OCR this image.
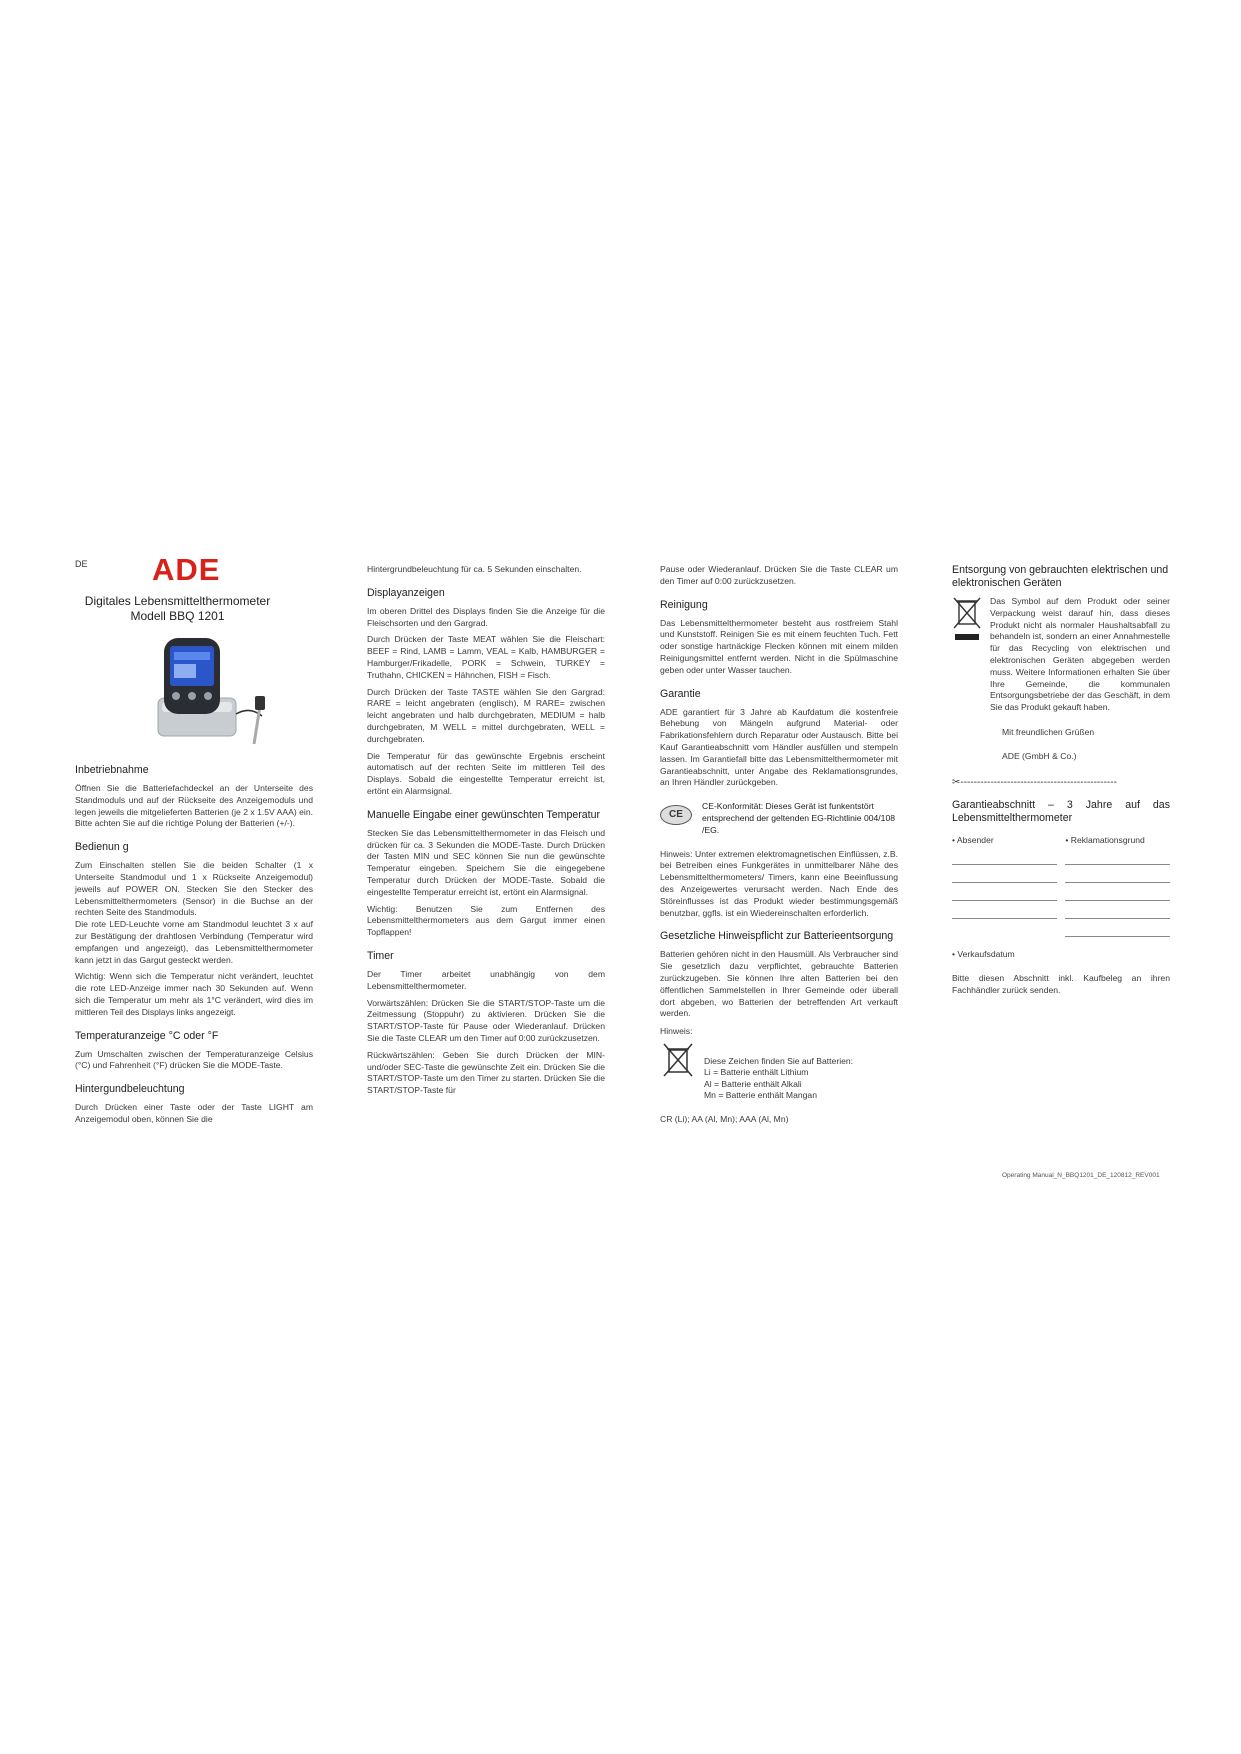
DE ADE
Digitales Lebensmittelthermometer
Modell BBQ 1201
Inbetriebnahme

Öffnen Sie die Batteriefachdeckel an der Unterseite des Standmoduls und auf der Rückseite des Anzeigemoduls und legen jeweils die mitgelieferten Batterien (je 2 x 1.5V AAA) ein. Bitte achten Sie auf die richtige Polung der Batterien (+/-).

Bedienun g

Zum Einschalten stellen Sie die beiden Schalter (1 x Unterseite Standmodul und 1 x Rückseite Anzeigemodul) jeweils auf POWER ON. Stecken Sie den Stecker des Lebensmittelthermometers (Sensor) in die Buchse an der rechten Seite des Standmoduls.

Die rote LED-Leuchte vorne am Standmodul leuchtet 3 x auf zur Bestätigung der drahtlosen Verbindung (Temperatur wird empfangen und angezeigt), das Lebensmittelthermometer kann jetzt in das Gargut gesteckt werden.

Wichtig: Wenn sich die Temperatur nicht verändert, leuchtet die rote LED-Anzeige immer nach 30 Sekunden auf. Wenn sich die Temperatur um mehr als 1°C verändert, wird dies im mittleren Teil des Displays links angezeigt.

Temperaturanzeige °C oder °F

Zum Umschalten zwischen der Temperaturanzeige Celsius (°C) und Fahrenheit (°F) drücken Sie die MODE-Taste.

Hintergundbeleuchtung

Durch Drücken einer Taste oder der Taste LIGHT am Anzeigemodul oben, können Sie die

Hintergrundbeleuchtung für ca. 5 Sekunden einschalten.

Displayanzeigen

Im oberen Drittel des Displays finden Sie die Anzeige für die Fleischsorten und den Gargrad.

Durch Drücken der Taste MEAT wählen Sie die Fleischart: BEEF = Rind, LAMB = Lamm, VEAL = Kalb, HAMBURGER = Hamburger/Frikadelle, PORK = Schwein, TURKEY = Truthahn, CHICKEN = Hähnchen, FISH = Fisch.

Durch Drücken der Taste TASTE wählen Sie den Gargrad: RARE = leicht angebraten (englisch), M RARE= zwischen leicht angebraten und halb durchgebraten, MEDIUM = halb durchgebraten, M WELL = mittel durchgebraten, WELL = durchgebraten.

Die Temperatur für das gewünschte Ergebnis erscheint automatisch auf der rechten Seite im mittleren Teil des Displays. Sobald die eingestellte Temperatur erreicht ist, ertönt ein Alarmsignal.

Manuelle Eingabe einer gewünschten Temperatur

Stecken Sie das Lebensmittelthermometer in das Fleisch und drücken für ca. 3 Sekunden die MODE-Taste. Durch Drücken der Tasten MIN und SEC können Sie nun die gewünschte Temperatur eingeben. Speichern Sie die eingegebene Temperatur durch Drücken der MODE-Taste. Sobald die eingestellte Temperatur erreicht ist, ertönt ein Alarmsignal.

Wichtig: Benutzen Sie zum Entfernen des Lebensmittelthermometers aus dem Gargut immer einen Topflappen!

Timer

Der Timer arbeitet unabhängig von dem Lebensmittelthermometer.

Vorwärtszählen: Drücken Sie die START/STOP-Taste um die Zeitmessung (Stoppuhr) zu aktivieren. Drücken Sie die START/STOP-Taste für Pause oder Wiederanlauf. Drücken Sie die Taste CLEAR um den Timer auf 0:00 zurückzusetzen.

Rückwärtszählen: Geben Sie durch Drücken der MIN- und/oder SEC-Taste die gewünschte Zeit ein. Drücken Sie die START/STOP-Taste um den Timer zu starten. Drücken Sie die START/STOP-Taste für

Pause oder Wiederanlauf. Drücken Sie die Taste CLEAR um den Timer auf 0:00 zurückzusetzen.

Reinigung

Das Lebensmittelthermometer besteht aus rostfreiem Stahl und Kunststoff. Reinigen Sie es mit einem feuchten Tuch. Fett oder sonstige hartnäckige Flecken können mit einem milden Reinigungsmittel entfernt werden. Nicht in die Spülmaschine geben oder unter Wasser tauchen.

Garantie

ADE garantiert für 3 Jahre ab Kaufdatum die kostenfreie Behebung von Mängeln aufgrund Material- oder Fabrikationsfehlern durch Reparatur oder Austausch. Bitte bei Kauf Garantieabschnitt vom Händler ausfüllen und stempeln lassen. Im Garantiefall bitte das Lebensmittelthermometer mit Garantieabschnitt, unter Angabe des Reklamationsgrundes, an Ihren Händler zurückgeben.

CE
CE-Konformität: Dieses Gerät ist funkentstört entsprechend der geltenden EG-Richtlinie 004/108 /EG.

Hinweis: Unter extremen elektromagnetischen Einflüssen, z.B. bei Betreiben eines Funkgerätes in unmittelbarer Nähe des Lebensmittelthermometers/ Timers, kann eine Beeinflussung des Anzeigewertes verursacht werden. Nach Ende des Störeinflusses ist das Produkt wieder bestimmungsgemäß benutzbar, ggfls. ist ein Wiedereinschalten erforderlich.

Gesetzliche Hinweispflicht zur Batterieentsorgung

Batterien gehören nicht in den Hausmüll. Als Verbraucher sind Sie gesetzlich dazu verpflichtet, gebrauchte Batterien zurückzugeben. Sie können Ihre alten Batterien bei den öffentlichen Sammelstellen in Ihrer Gemeinde oder überall dort abgeben, wo Batterien der betreffenden Art verkauft werden.

Hinweis:
Diese Zeichen finden Sie auf Batterien:
Li = Batterie enthält Lithium
Al = Batterie enthält Alkali
Mn = Batterie enthält Mangan

CR (Li); AA (Al, Mn); AAA (Al, Mn)

Entsorgung von gebrauchten elektrischen und elektronischen Geräten

Das Symbol auf dem Produkt oder seiner Verpackung weist darauf hin, dass dieses Produkt nicht als normaler Haushaltsabfall zu behandeln ist, sondern an einer Annahmestelle für das Recycling von elektrischen und elektronischen Geräten abgegeben werden muss. Weitere Informationen erhalten Sie über Ihre Gemeinde, die kommunalen Entsorgungsbetriebe der das Geschäft, in dem Sie das Produkt gekauft haben.

Mit freundlichen Grüßen
ADE (GmbH & Co.)
✂-----------------------------------------------
Garantieabschnitt – 3 Jahre auf das Lebensmittelthermometer
• Absender	• Reklamationsgrund
• Verkaufsdatum

Bitte diesen Abschnitt inkl. Kaufbeleg an ihren Fachhändler zurück senden.

Operating Manual_N_BBQ1201_DE_120812_REV001
